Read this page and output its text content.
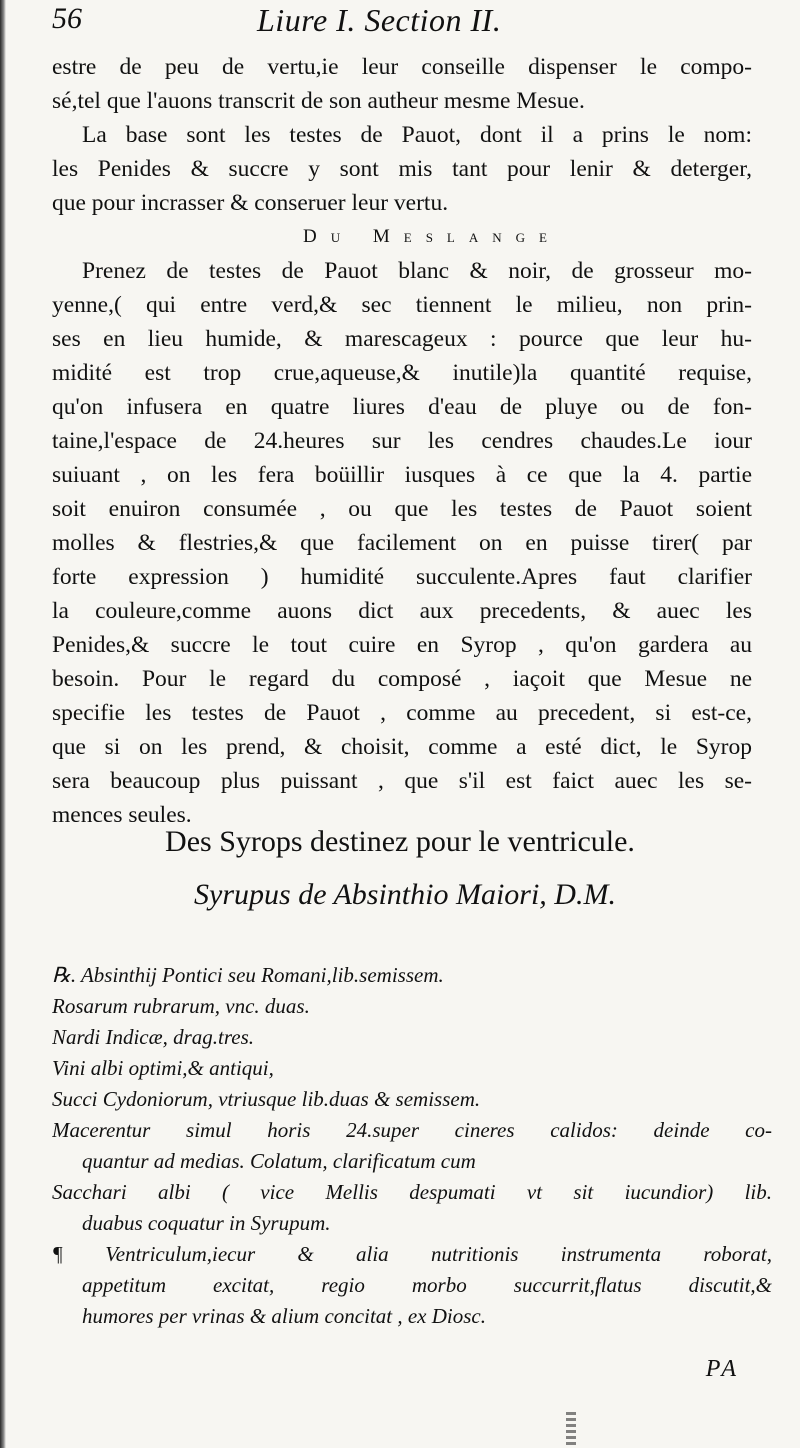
56	Liure I. Section II.
estre de peu de vertu,ie leur conseille dispenser le compo-
sé,tel que l'auons transcrit de son autheur mesme Mesue.
La base sont les testes de Pauot, dont il a prins le nom:
les Penides & succre y sont mis tant pour lenir & deterger,
que pour incrasser & conseruer leur vertu.
Du Meslange
Prenez de testes de Pauot blanc & noir, de grosseur mo-
yenne,( qui entre verd,& sec tiennent le milieu, non prin-
ses en lieu humide, & marescageux : pource que leur hu-
midité est trop crue,aqueuse,& inutile)la quantité requise,
qu'on infusera en quatre liures d'eau de pluye ou de fon-
taine,l'espace de 24.heures sur les cendres chaudes.Le iour
suiuant , on les fera boüillir iusques à ce que la 4. partie
soit enuiron consumée , ou que les testes de Pauot soient
molles & flestries,& que facilement on en puisse tirer( par
forte expression ) humidité succulente.Apres faut clarifier
la couleure,comme auons dict aux precedents, & auec les
Penides,& succre le tout cuire en Syrop , qu'on gardera au
besoin. Pour le regard du composé , iaçoit que Mesue ne
specifie les testes de Pauot , comme au precedent, si est-ce,
que si on les prend, & choisit, comme a esté dict, le Syrop
sera beaucoup plus puissant , que s'il est faict auec les se-
mences seules.
Des Syrops destinez pour le ventricule.
Syrupus de Absinthio Maiori, D.M.
℞. Absinthij Pontici seu Romani,lib.semissem.
Rosarum rubrarum, vnc. duas.
Nardi Indicæ, drag.tres.
Vini albi optimi,& antiqui,
Succi Cydoniorum, vtriusque lib.duas & semissem.
Macerentur simul horis 24.super cineres calidos: deinde co-
quantur ad medias. Colatum, clarificatum cum
Sacchari albi ( vice Mellis despumati vt sit iucundior) lib.
duabus coquatur in Syrupum.
¶ Ventriculum,iecur & alia nutritionis instrumenta roborat,
appetitum excitat, regio morbo succurrit,flatus discutit,&
humores per vrinas & alium concitat , ex Diosc.
PA
